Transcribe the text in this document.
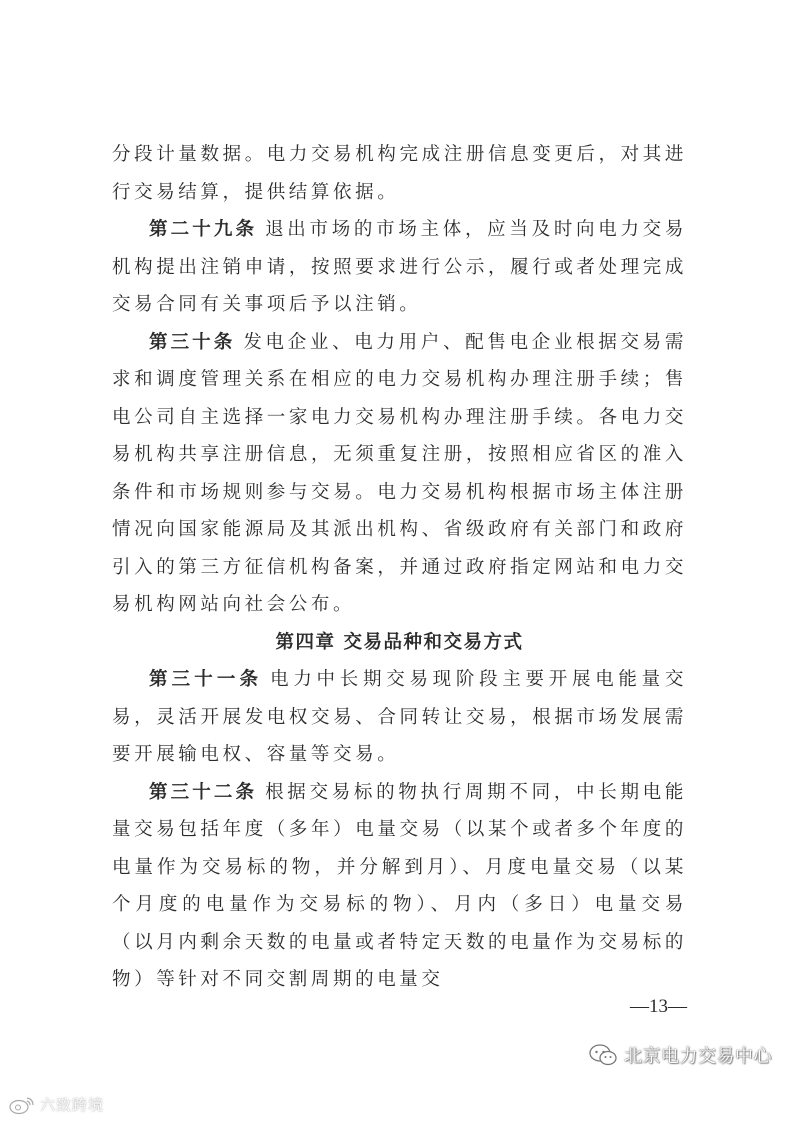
分段计量数据。电力交易机构完成注册信息变更后，对其进行交易结算，提供结算依据。

第二十九条 退出市场的市场主体，应当及时向电力交易机构提出注销申请，按照要求进行公示，履行或者处理完成交易合同有关事项后予以注销。

第三十条 发电企业、电力用户、配售电企业根据交易需求和调度管理关系在相应的电力交易机构办理注册手续；售电公司自主选择一家电力交易机构办理注册手续。各电力交易机构共享注册信息，无须重复注册，按照相应省区的准入条件和市场规则参与交易。电力交易机构根据市场主体注册情况向国家能源局及其派出机构、省级政府有关部门和政府引入的第三方征信机构备案，并通过政府指定网站和电力交易机构网站向社会公布。

第四章 交易品种和交易方式

第三十一条 电力中长期交易现阶段主要开展电能量交易，灵活开展发电权交易、合同转让交易，根据市场发展需要开展输电权、容量等交易。

第三十二条 根据交易标的物执行周期不同，中长期电能量交易包括年度（多年）电量交易（以某个或者多个年度的电量作为交易标的物，并分解到月）、月度电量交易（以某个月度的电量作为交易标的物）、月内（多日）电量交易（以月内剩余天数的电量或者特定天数的电量作为交易标的物）等针对不同交割周期的电量交

—13—
北京电力交易中心
六致跨境
